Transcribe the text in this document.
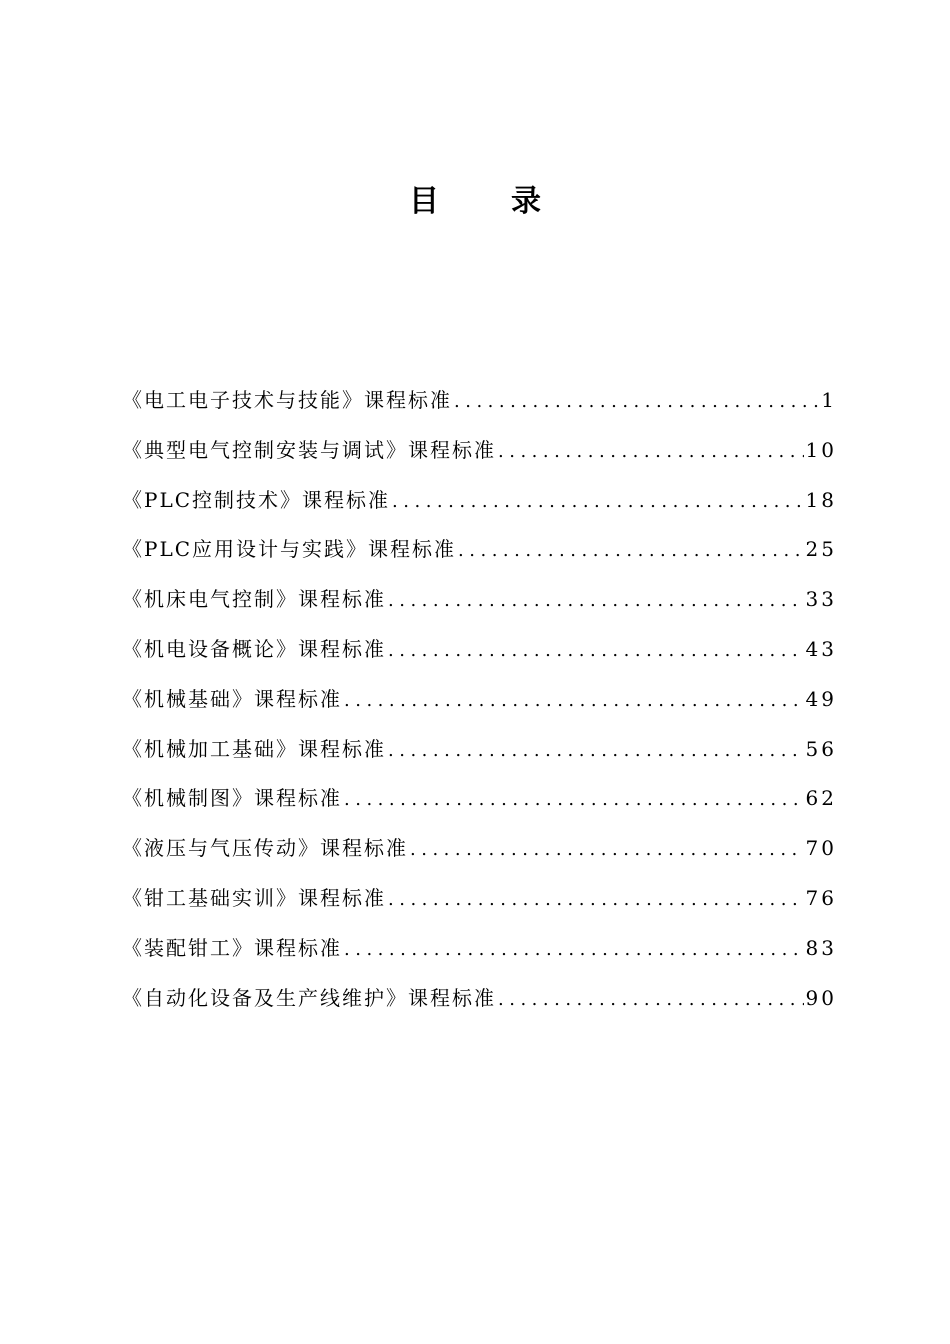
目录
《电工电子技术与技能》课程标准 .....	1
《典型电气控制安装与调试》课程标准 .....	10
《PLC控制技术》课程标准 .....	18
《PLC应用设计与实践》课程标准 .....	25
《机床电气控制》课程标准 .....	33
《机电设备概论》课程标准 .....	43
《机械基础》课程标准 .....	49
《机械加工基础》课程标准 .....	56
《机械制图》课程标准 .....	62
《液压与气压传动》课程标准 .....	70
《钳工基础实训》课程标准 .....	76
《装配钳工》课程标准 .....	83
《自动化设备及生产线维护》课程标准 .....	90
